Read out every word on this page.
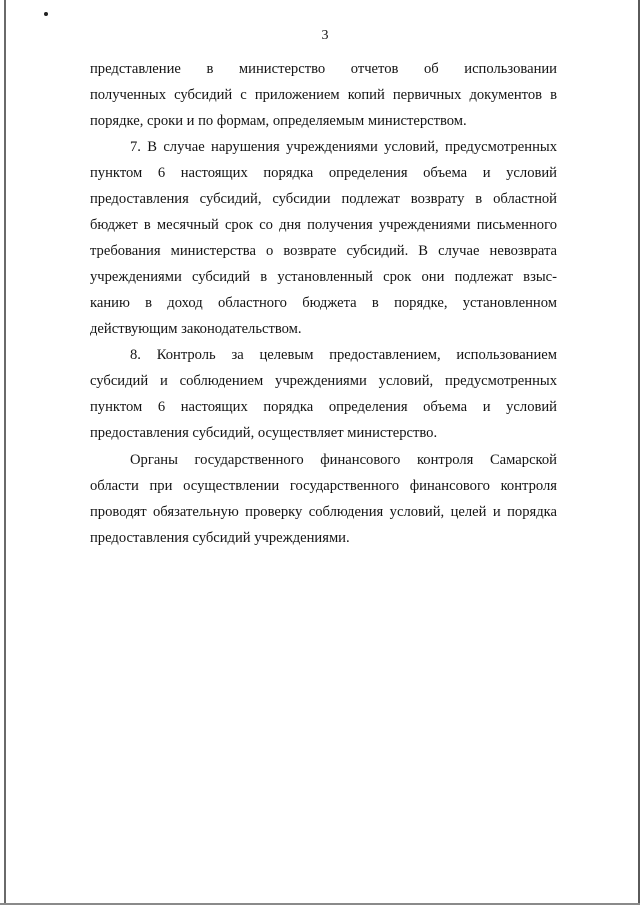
3
представление в министерство отчетов об использовании
полученных субсидий с приложением копий первичных документов в
порядке, сроки и по формам, определяемым министерством.
7. В случае нарушения учреждениями условий, предусмотренных
пунктом 6 настоящих порядка определения объема и условий
предоставления субсидий, субсидии подлежат возврату в областной
бюджет в месячный срок со дня получения учреждениями письменного
требования министерства о возврате субсидий. В случае невозврата
учреждениями субсидий в установленный срок они подлежат взыс-
канию в доход областного бюджета в порядке, установленном
действующим законодательством.
8. Контроль за целевым предоставлением, использованием
субсидий и соблюдением учреждениями условий, предусмотренных
пунктом 6 настоящих порядка определения объема и условий
предоставления субсидий, осуществляет министерство.
Органы государственного финансового контроля Самарской
области при осуществлении государственного финансового контроля
проводят обязательную проверку соблюдения условий, целей и порядка
предоставления субсидий учреждениями.
